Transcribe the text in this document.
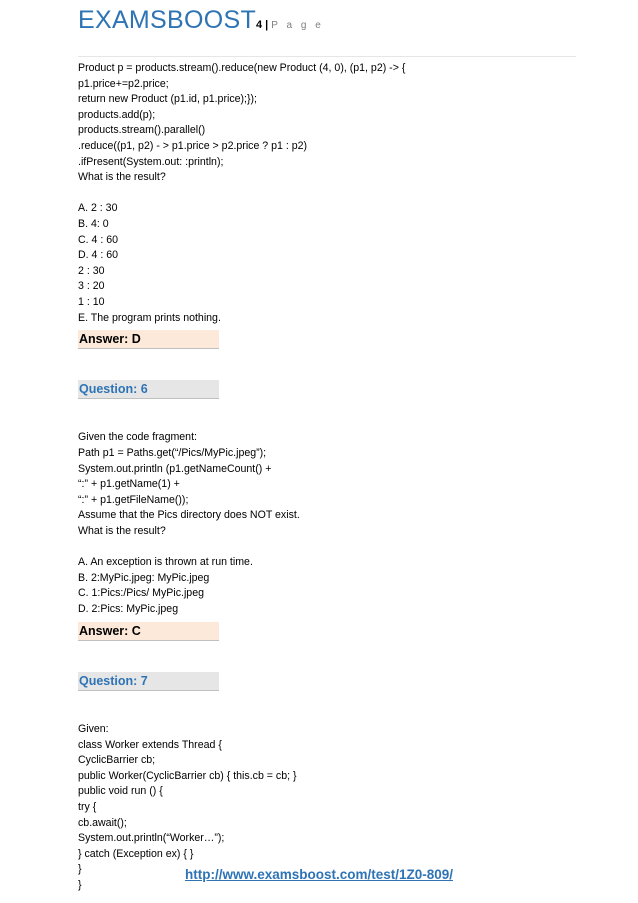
EXAMSBOOST4 | P a g e
Product p = products.stream().reduce(new Product (4, 0), (p1, p2) -> {
p1.price+=p2.price;
return new Product (p1.id, p1.price);});
products.add(p);
products.stream().parallel()
.reduce((p1, p2) - > p1.price > p2.price ? p1 : p2)
.ifPresent(System.out: :println);
What is the result?
A. 2 : 30
B. 4: 0
C. 4 : 60
D. 4 : 60
2 : 30
3 : 20
1 : 10
E. The program prints nothing.
Answer: D
Question: 6
Given the code fragment:
Path p1 = Paths.get(“/Pics/MyPic.jpeg”);
System.out.println (p1.getNameCount() +
“:” + p1.getName(1) +
“:” + p1.getFileName());
Assume that the Pics directory does NOT exist.
What is the result?
A. An exception is thrown at run time.
B. 2:MyPic.jpeg: MyPic.jpeg
C. 1:Pics:/Pics/ MyPic.jpeg
D. 2:Pics: MyPic.jpeg
Answer: C
Question: 7
Given:
class Worker extends Thread {
CyclicBarrier cb;
public Worker(CyclicBarrier cb) { this.cb = cb; }
public void run () {
try {
cb.await();
System.out.println(“Worker…”);
} catch (Exception ex) { }
}
}
http://www.examsboost.com/test/1Z0-809/
